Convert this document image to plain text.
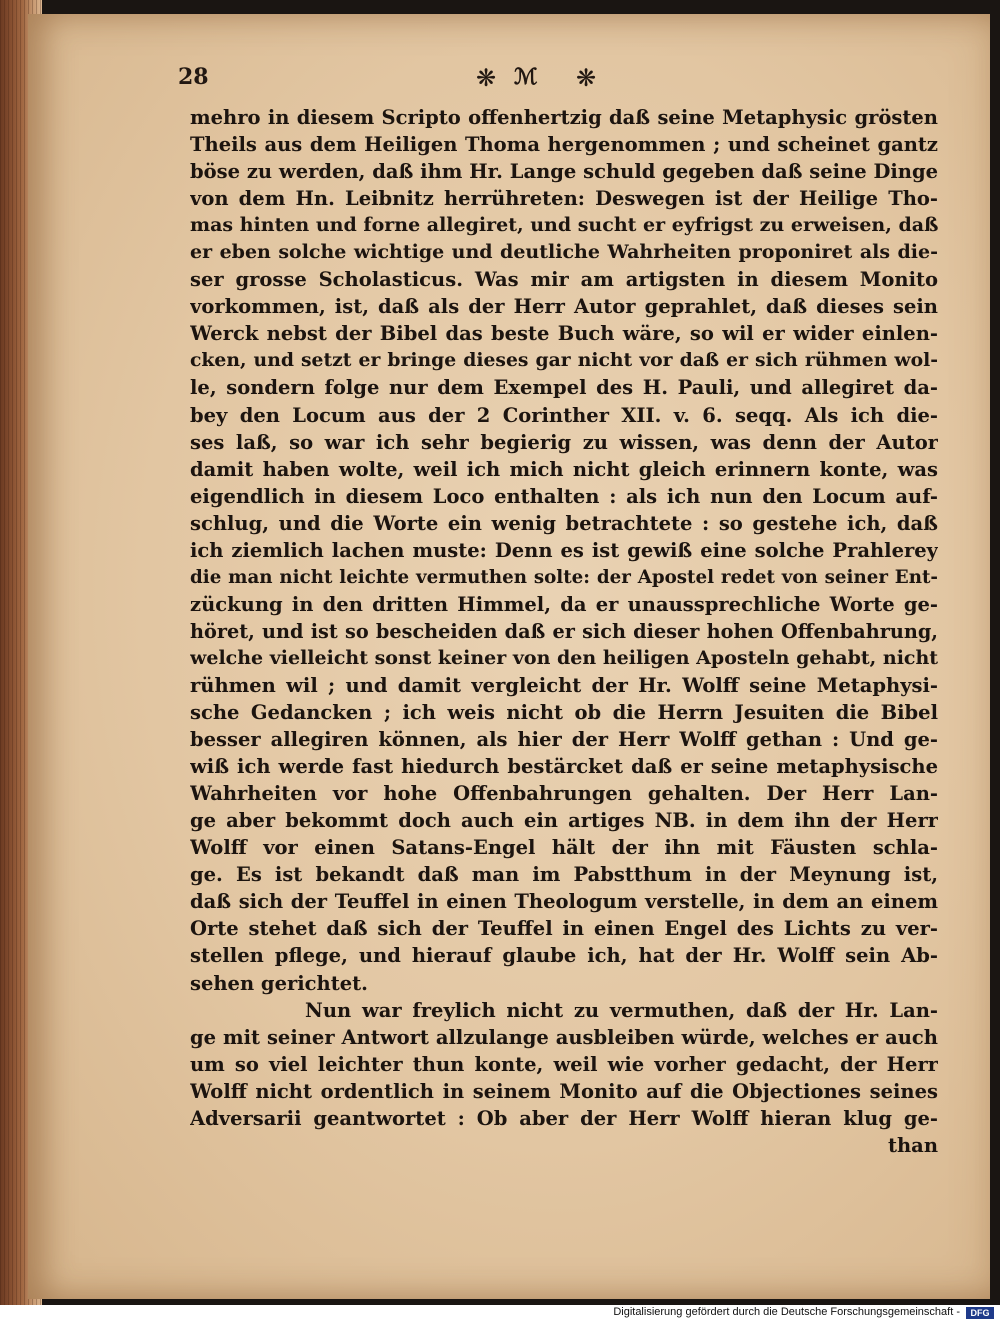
28	❋ ℳ ❋
mehro in diesem Scripto offenhertzig daß seine Metaphysic grösten
Theils aus dem Heiligen Thoma hergenommen ; und scheinet gantz
böse zu werden, daß ihm Hr. Lange schuld gegeben daß seine Dinge
von dem Hn. Leibnitz herrühreten: Deswegen ist der Heilige Tho-
mas hinten und forne allegiret, und sucht er eyfrigst zu erweisen, daß
er eben solche wichtige und deutliche Wahrheiten proponiret als die-
ser grosse Scholasticus. Was mir am artigsten in diesem Monito
vorkommen, ist, daß als der Herr Autor geprahlet, daß dieses sein
Werck nebst der Bibel das beste Buch wäre, so wil er wider einlen-
cken, und setzt er bringe dieses gar nicht vor daß er sich rühmen wol-
le, sondern folge nur dem Exempel des H. Pauli, und allegiret da-
bey den Locum aus der 2 Corinther XII. v. 6. seqq. Als ich die-
ses laß, so war ich sehr begierig zu wissen, was denn der Autor
damit haben wolte, weil ich mich nicht gleich erinnern konte, was
eigendlich in diesem Loco enthalten : als ich nun den Locum auf-
schlug, und die Worte ein wenig betrachtete : so gestehe ich, daß
ich ziemlich lachen muste: Denn es ist gewiß eine solche Prahlerey
die man nicht leichte vermuthen solte: der Apostel redet von seiner Ent-
zückung in den dritten Himmel, da er unaussprechliche Worte ge-
höret, und ist so bescheiden daß er sich dieser hohen Offenbahrung,
welche vielleicht sonst keiner von den heiligen Aposteln gehabt, nicht
rühmen wil ; und damit vergleicht der Hr. Wolff seine Metaphysi-
sche Gedancken ; ich weis nicht ob die Herrn Jesuiten die Bibel
besser allegiren können, als hier der Herr Wolff gethan : Und ge-
wiß ich werde fast hiedurch bestärcket daß er seine metaphysische
Wahrheiten vor hohe Offenbahrungen gehalten. Der Herr Lan-
ge aber bekommt doch auch ein artiges NB. in dem ihn der Herr
Wolff vor einen Satans-Engel hält der ihn mit Fäusten schla-
ge. Es ist bekandt daß man im Pabstthum in der Meynung ist,
daß sich der Teuffel in einen Theologum verstelle, in dem an einem
Orte stehet daß sich der Teuffel in einen Engel des Lichts zu ver-
stellen pflege, und hierauf glaube ich, hat der Hr. Wolff sein Ab-
sehen gerichtet.
Nun war freylich nicht zu vermuthen, daß der Hr. Lan-
ge mit seiner Antwort allzulange ausbleiben würde, welches er auch
um so viel leichter thun konte, weil wie vorher gedacht, der Herr
Wolff nicht ordentlich in seinem Monito auf die Objectiones seines
Adversarii geantwortet : Ob aber der Herr Wolff hieran klug ge-
than
Digitalisierung gefördert durch die Deutsche Forschungsgemeinschaft -	DFG
